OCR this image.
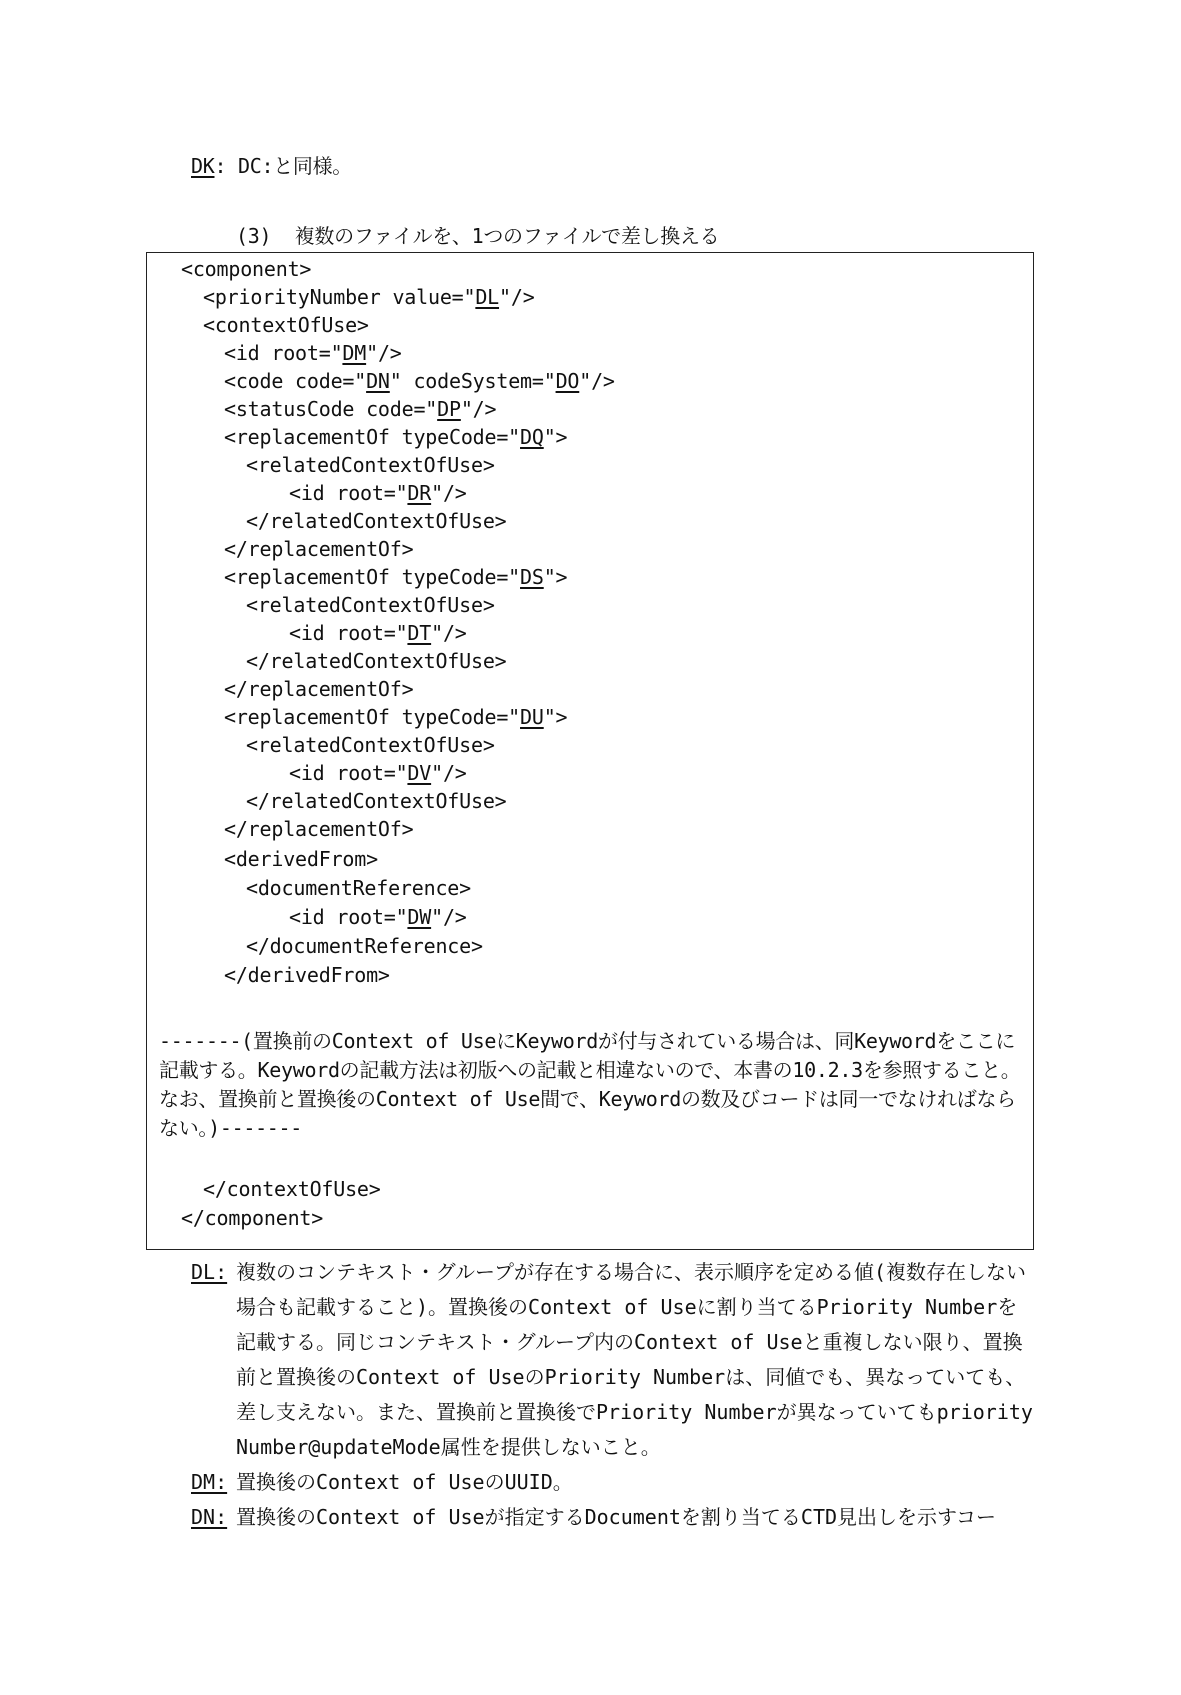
DK: DC:と同様。
(3)  複数のファイルを、1つのファイルで差し換える
<component>
<priorityNumber value="DL"/>
<contextOfUse>
<id root="DM"/>
<code code="DN" codeSystem="DO"/>
<statusCode code="DP"/>
<replacementOf typeCode="DQ">
<relatedContextOfUse>
<id root="DR"/>
</relatedContextOfUse>
</replacementOf>
<replacementOf typeCode="DS">
<relatedContextOfUse>
<id root="DT"/>
</relatedContextOfUse>
</replacementOf>
<replacementOf typeCode="DU">
<relatedContextOfUse>
<id root="DV"/>
</relatedContextOfUse>
</replacementOf>
<derivedFrom>
<documentReference>
<id root="DW"/>
</documentReference>
</derivedFrom>
-------(置換前のContext of UseにKeywordが付与されている場合は、同Keywordをここに記載する。Keywordの記載方法は初版への記載と相違ないので、本書の10.2.3を参照すること。なお、置換前と置換後のContext of Use間で、Keywordの数及びコードは同一でなければならない。)-------
</contextOfUse>
</component>
DL: 複数のコンテキスト・グループが存在する場合に、表示順序を定める値(複数存在しない場合も記載すること)。置換後のContext of Useに割り当てるPriority Numberを記載する。同じコンテキスト・グループ内のContext of Useと重複しない限り、置換前と置換後のContext of UseのPriority Numberは、同値でも、異なっていても、差し支えない。また、置換前と置換後でPriority Numberが異なっていてもpriorityNumber@updateMode属性を提供しないこと。
DM: 置換後のContext of UseのUUID。
DN: 置換後のContext of Useが指定するDocumentを割り当てるCTD見出しを示すコー
